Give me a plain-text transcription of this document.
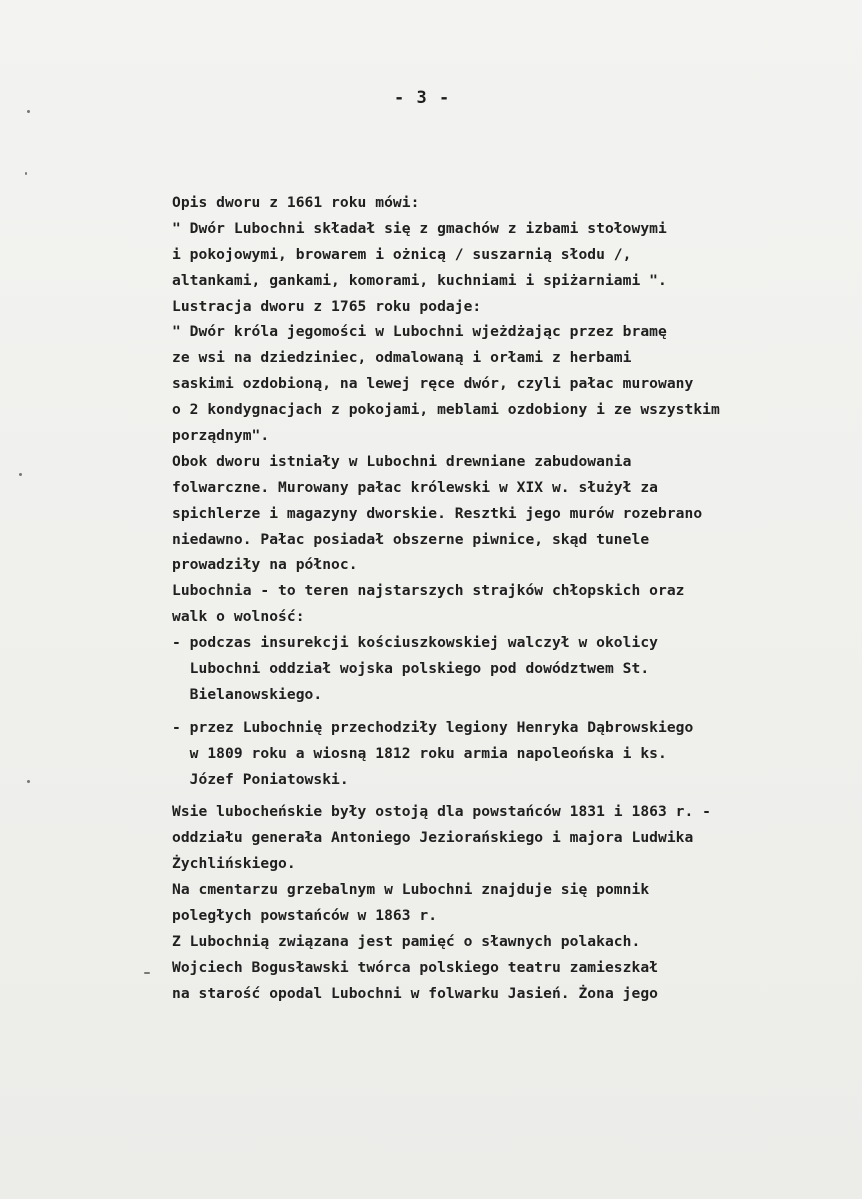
- 3 -
Opis dworu z 1661 roku mówi:
" Dwór Lubochni składał się z gmachów z izbami stołowymi
i pokojowymi, browarem i ożnicą / suszarnią słodu /,
altankami, gankami, komorami, kuchniami i spiżarniami ".
Lustracja dworu z 1765 roku podaje:
" Dwór króla jegomości w Lubochni wjeżdżając przez bramę
ze wsi na dziedziniec, odmalowaną i orłami z herbami
saskimi ozdobioną, na lewej ręce dwór, czyli pałac murowany
o 2 kondygnacjach z pokojami, meblami ozdobiony i ze wszystkim
porządnym".
Obok dworu istniały w Lubochni drewniane zabudowania
folwarczne. Murowany pałac królewski w XIX w. służył za
spichlerze i magazyny dworskie. Resztki jego murów rozebrano
niedawno. Pałac posiadał obszerne piwnice, skąd tunele
prowadziły na północ.
Lubochnia - to teren najstarszych strajków chłopskich oraz
walk o wolność:
- podczas insurekcji kościuszkowskiej walczył w okolicy
Lubochni oddział wojska polskiego pod dowództwem St.
Bielanowskiego.
- przez Lubochnię przechodziły legiony Henryka Dąbrowskiego
w 1809 roku a wiosną 1812 roku armia napoleońska i ks.
Józef Poniatowski.
Wsie lubocheńskie były ostoją dla powstańców 1831 i 1863 r. -
oddziału generała Antoniego Jeziorańskiego i majora Ludwika
Żychlińskiego.
Na cmentarzu grzebalnym w Lubochni znajduje się pomnik
poległych powstańców w 1863 r.
Z Lubochnią związana jest pamięć o sławnych polakach.
Wojciech Bogusławski twórca polskiego teatru zamieszkał
na starość opodal Lubochni w folwarku Jasień. Żona jego
